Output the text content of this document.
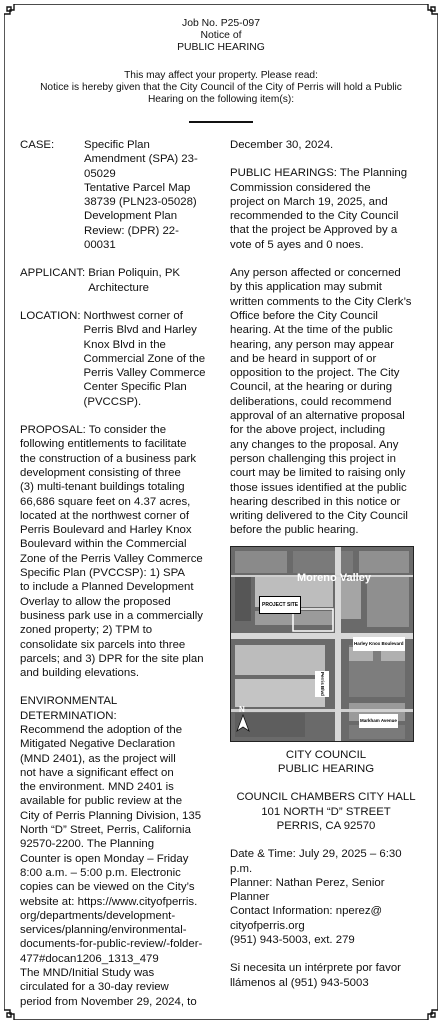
Job No. P25-097
Notice of
PUBLIC HEARING
This may affect your property. Please read:
Notice is hereby given that the City Council of the City of Perris will hold a Public Hearing on the following item(s):
CASE:	Specific Plan
Amendment (SPA) 23-
05029
Tentative Parcel Map
38739 (PLN23-05028)
Development Plan
Review: (DPR) 22-
00031
APPLICANT: Brian Poliquin, PK
Architecture
LOCATION: Northwest corner of
Perris Blvd and Harley
Knox Blvd in the
Commercial Zone of the
Perris Valley Commerce
Center Specific Plan
(PVCCSP).
PROPOSAL: To consider the
following entitlements to facilitate
the construction of a business park
development consisting of three
(3) multi-tenant buildings totaling
66,686 square feet on 4.37 acres,
located at the northwest corner of
Perris Boulevard and Harley Knox
Boulevard within the Commercial
Zone of the Perris Valley Commerce
Specific Plan (PVCCSP): 1) SPA
to include a Planned Development
Overlay to allow the proposed
business park use in a commercially
zoned property; 2) TPM to
consolidate six parcels into three
parcels; and 3) DPR for the site plan
and building elevations.
ENVIRONMENTAL
DETERMINATION:
Recommend the adoption of the
Mitigated Negative Declaration
(MND 2401), as the project will
not have a significant effect on
the environment. MND 2401 is
available for public review at the
City of Perris Planning Division, 135
North “D” Street, Perris, California
92570-2200. The Planning
Counter is open Monday – Friday
8:00 a.m. – 5:00 p.m. Electronic
copies can be viewed on the City’s
website at: https://www.cityofperris.
org/departments/development-
services/planning/environmental-
documents-for-public-review/-folder-
477#docan1206_1313_479
The MND/Initial Study was
circulated for a 30-day review
period from November 29, 2024, to
December 30, 2024.
PUBLIC HEARINGS: The Planning
Commission considered the
project on March 19, 2025, and
recommended to the City Council
that the project be Approved by a
vote of 5 ayes and 0 noes.
Any person affected or concerned
by this application may submit
written comments to the City Clerk’s
Office before the City Council
hearing. At the time of the public
hearing, any person may appear
and be heard in support of or
opposition to the project. The City
Council, at the hearing or during
deliberations, could recommend
approval of an alternative proposal
for the above project, including
any changes to the proposal. Any
person challenging this project in
court may be limited to raising only
those issues identified at the public
hearing described in this notice or
writing delivered to the City Council
before the public hearing.
Moreno Valley
PROJECT SITE
Harley Knox Boulevard
Perris Blvd
Markham Avenue
N
CITY COUNCIL
PUBLIC HEARING
COUNCIL CHAMBERS CITY HALL
101 NORTH “D” STREET
PERRIS, CA 92570
Date & Time: July 29, 2025 – 6:30
p.m.
Planner: Nathan Perez, Senior
Planner
Contact Information: nperez@
cityofperris.org
(951) 943-5003, ext. 279
Si necesita un intérprete por favor
llámenos al (951) 943-5003
